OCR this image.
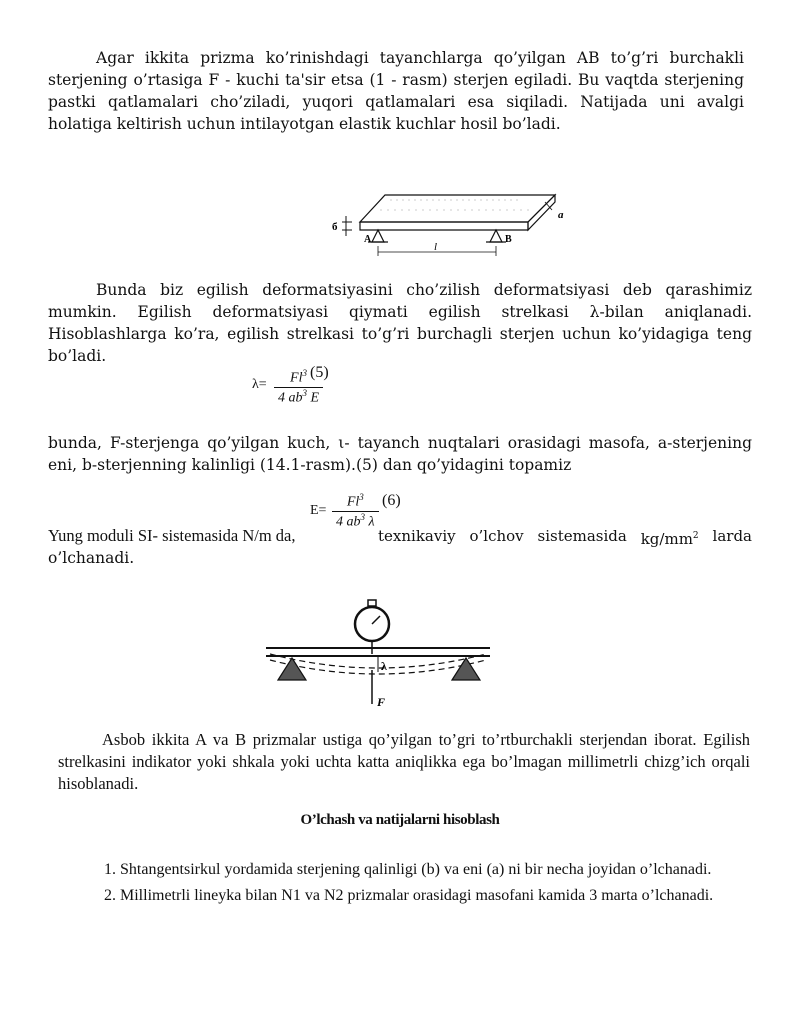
Agar ikkita prizma ko’rinishdagi tayanchlarga qo’yilgan AB to’g’ri burchakli sterjening o’rtasiga F - kuchi ta'sir etsa (1 - rasm) sterjen egiladi. Bu vaqtda sterjening pastki qatlamalari cho’ziladi, yuqori qatlamalari esa siqiladi. Natijada uni avalgi holatiga keltirish uchun intilayotgan elastik kuchlar hosil bo’ladi.
б
a
A	B
l
Bunda biz egilish deformatsiyasini cho’zilish deformatsiyasi deb qarashimiz mumkin. Egilish deformatsiyasi qiymati egilish strelkasi λ-bilan aniqlanadi. Hisoblashlarga ko’ra, egilish strelkasi to’g’ri burchagli sterjen uchun ko’yidagiga teng bo’ladi.
$\lambda= \frac{Fl^3}{4 ab^3 E}$
(5)
bunda, F-sterjenga qo’yilgan kuch, ι- tayanch nuqtalari orasidagi masofa, a-sterjening eni, b-sterjenning kalinligi (14.1-rasm).(5) dan qo’yidagini topamiz
$E= \frac{Fl^3}{4 ab^3 \lambda} (6)$
Yung moduli SI- sistemasida N/m da,	texnikaviy o’lchov sistemasida $kg/mm^2$ larda
o’lchanadi.
λ
F
Asbob ikkita A va B prizmalar ustiga qo’yilgan to’gri to’rtburchakli sterjendan iborat. Egilish strelkasini indikator yoki shkala yoki uchta katta aniqlikka ega bo’lmagan millimetrli chizg’ich orqali hisoblanadi.
O’lchash va natijalarni hisoblash
1. Shtangentsirkul yordamida sterjening qalinligi (b) va eni (a) ni bir necha joyidan o’lchanadi.
2. Millimetrli lineyka bilan N1 va N2 prizmalar orasidagi masofani kamida 3 marta o’lchanadi.
